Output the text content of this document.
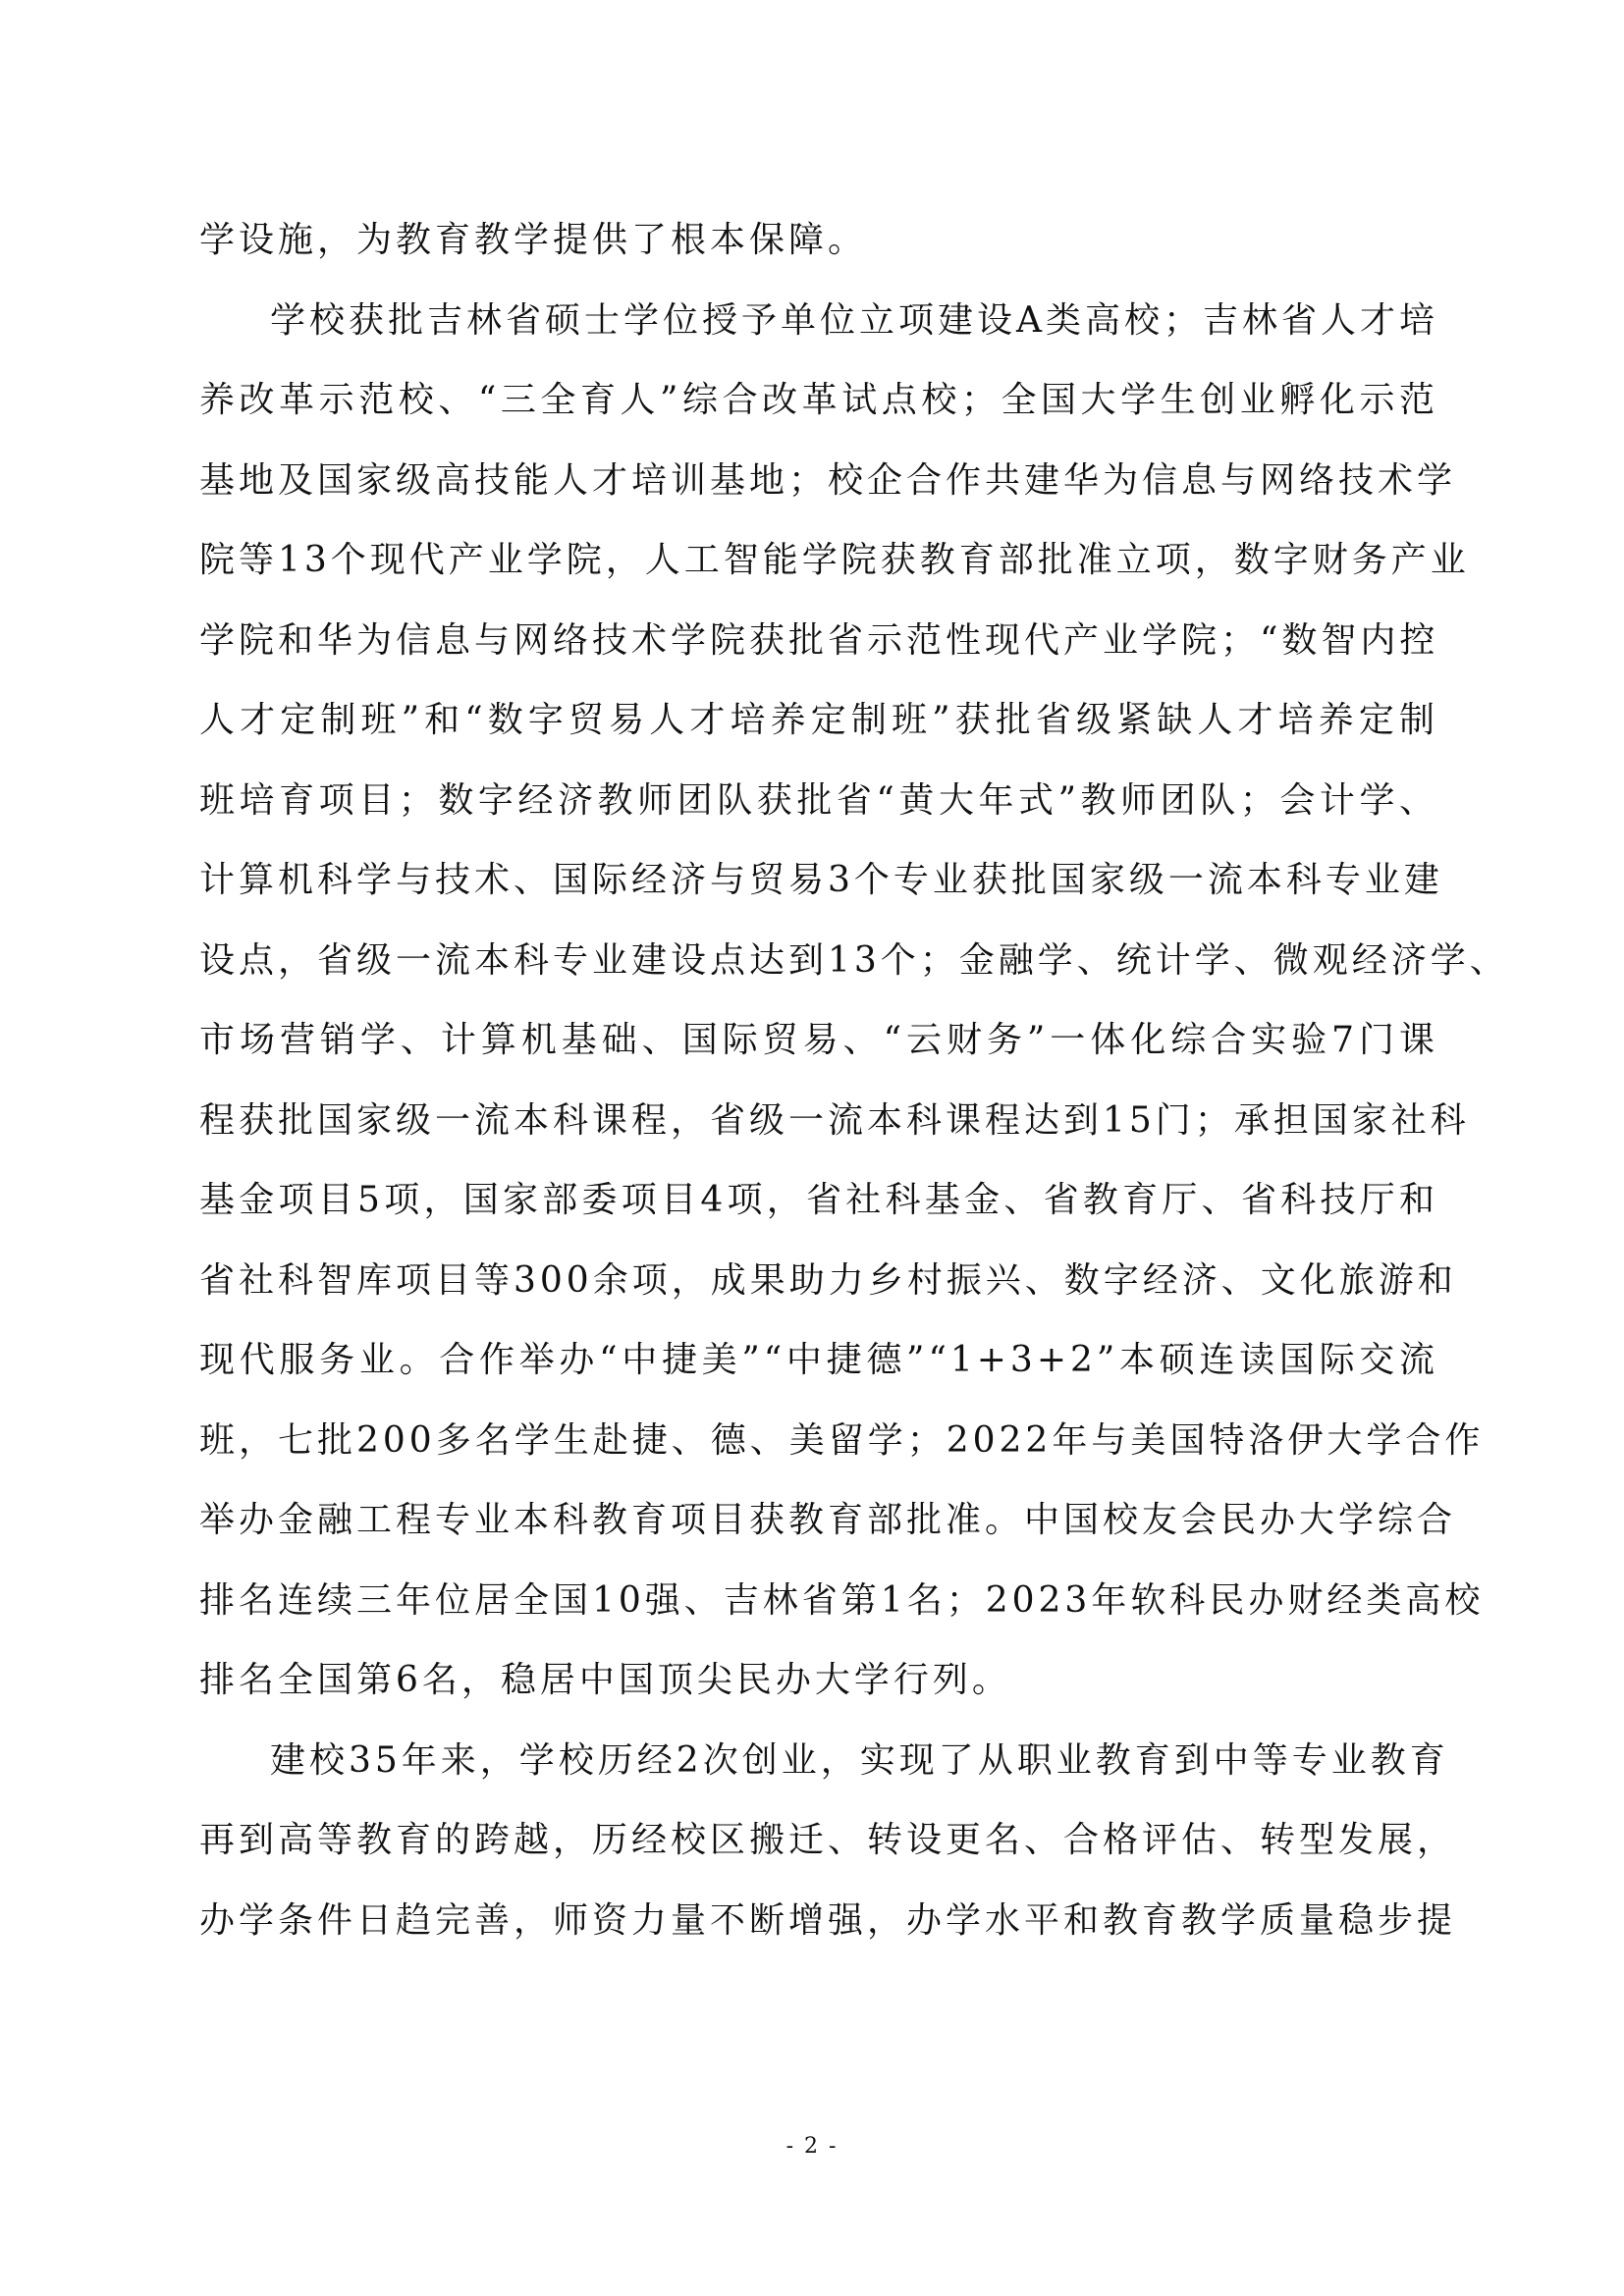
学设施，为教育教学提供了根本保障。
学校获批吉林省硕士学位授予单位立项建设A类高校；吉林省人才培
养改革示范校、“三全育人”综合改革试点校；全国大学生创业孵化示范
基地及国家级高技能人才培训基地；校企合作共建华为信息与网络技术学
院等13个现代产业学院，人工智能学院获教育部批准立项，数字财务产业
学院和华为信息与网络技术学院获批省示范性现代产业学院；“数智内控
人才定制班”和“数字贸易人才培养定制班”获批省级紧缺人才培养定制
班培育项目；数字经济教师团队获批省“黄大年式”教师团队；会计学、
计算机科学与技术、国际经济与贸易3个专业获批国家级一流本科专业建
设点，省级一流本科专业建设点达到13个；金融学、统计学、微观经济学、
市场营销学、计算机基础、国际贸易、“云财务”一体化综合实验7门课
程获批国家级一流本科课程，省级一流本科课程达到15门；承担国家社科
基金项目5项，国家部委项目4项，省社科基金、省教育厅、省科技厅和
省社科智库项目等300余项，成果助力乡村振兴、数字经济、文化旅游和
现代服务业。合作举办“中捷美”“中捷德”“1+3+2”本硕连读国际交流
班，七批200多名学生赴捷、德、美留学；2022年与美国特洛伊大学合作
举办金融工程专业本科教育项目获教育部批准。中国校友会民办大学综合
排名连续三年位居全国10强、吉林省第1名；2023年软科民办财经类高校
排名全国第6名，稳居中国顶尖民办大学行列。
建校35年来，学校历经2次创业，实现了从职业教育到中等专业教育
再到高等教育的跨越，历经校区搬迁、转设更名、合格评估、转型发展，
办学条件日趋完善，师资力量不断增强，办学水平和教育教学质量稳步提
- 2 -
